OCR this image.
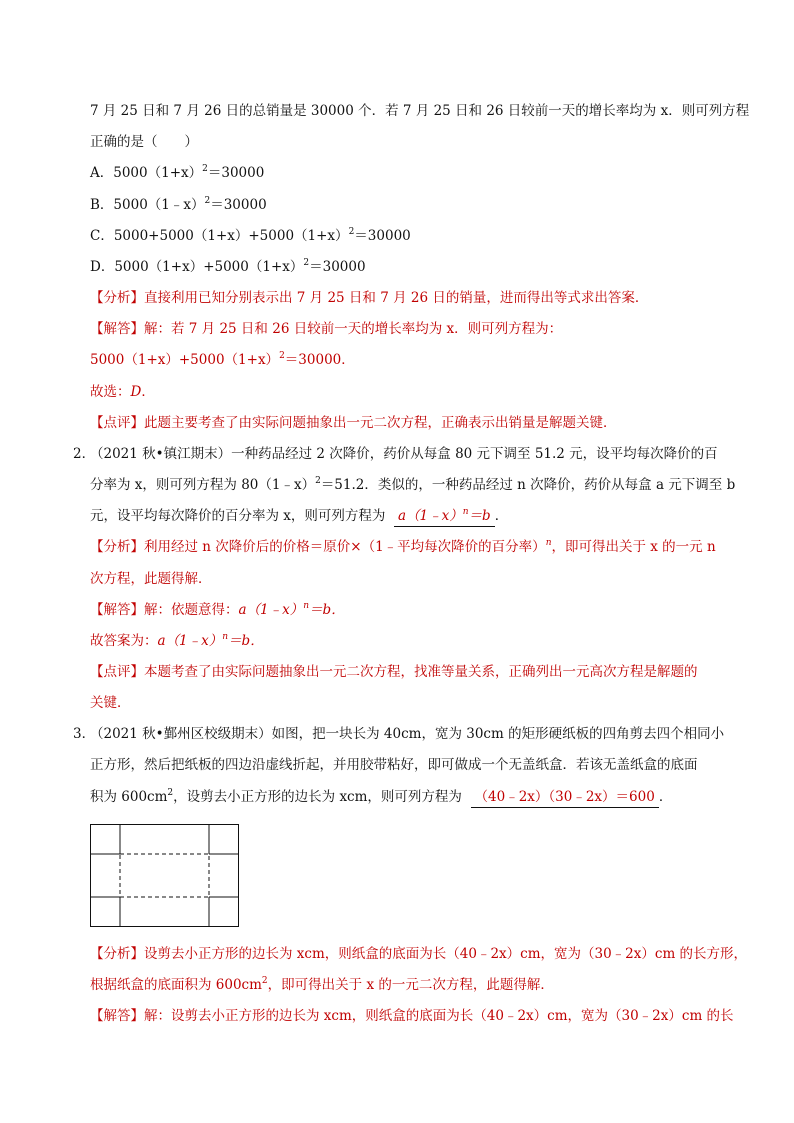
7 月 25 日和 7 月 26 日的总销量是 30000 个．若 7 月 25 日和 26 日较前一天的增长率均为 x．则可列方程
正确的是（　　）
A．$5000(1+x)^2=30000$
B．5000（1﹣x）$^2$＝30000
C．$5000+5000(1+x)+5000(1+x)^2=30000$
D．$5000(1+x)+5000(1+x)^2=30000$
【分析】直接利用已知分别表示出 7 月 25 日和 7 月 26 日的销量，进而得出等式求出答案．
【解答】解：若 7 月 25 日和 26 日较前一天的增长率均为 x．则可列方程为：
$5000(1+x)+5000(1+x)^2=30000$．
故选：D．
【点评】此题主要考查了由实际问题抽象出一元二次方程，正确表示出销量是解题关键．
2．
（2021 秋•镇江期末）一种药品经过 2 次降价，药价从每盒 80 元下调至 51.2 元，设平均每次降价的百
分率为 x，则可列方程为 80（1﹣x）$^2$＝51.2．类似的，一种药品经过 n 次降价，药价从每盒 a 元下调至 b
元，设平均每次降价的百分率为 x，则可列方程为 a（1﹣x）$^n$＝b ．
【分析】利用经过 n 次降价后的价格＝原价×（1﹣平均每次降价的百分率）$^n$，即可得出关于 x 的一元 n
次方程，此题得解．
【解答】解：依题意得：a（1﹣x）$^n$＝b．
故答案为：a（1﹣x）$^n$＝b．
【点评】本题考查了由实际问题抽象出一元二次方程，找准等量关系，正确列出一元高次方程是解题的
关键．
3．
（2021 秋•鄞州区校级期末）如图，把一块长为 40cm，宽为 30cm 的矩形硬纸板的四角剪去四个相同小
正方形，然后把纸板的四边沿虚线折起，并用胶带粘好，即可做成一个无盖纸盒．若该无盖纸盒的底面
积为 $600cm^2$，设剪去小正方形的边长为 xcm，则可列方程为 （40﹣2x）（30﹣2x）＝600 ．
【分析】设剪去小正方形的边长为 xcm，则纸盒的底面为长（40﹣2x）cm，宽为（30﹣2x）cm 的长方形，
根据纸盒的底面积为 $600cm^2$，即可得出关于 x 的一元二次方程，此题得解．
【解答】解：设剪去小正方形的边长为 xcm，则纸盒的底面为长（40﹣2x）cm，宽为（30﹣2x）cm 的长
